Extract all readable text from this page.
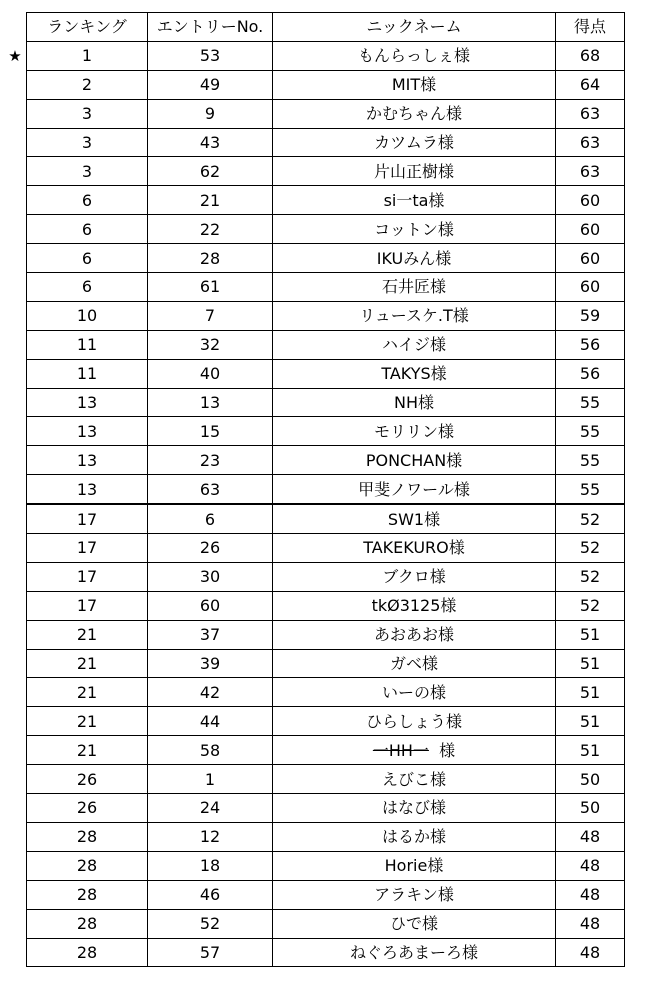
★
ランキング	エントリーNo.	ニックネーム	得点
1	53	もんらっしぇ様	68
2	49	MIT様	64
3	9	かむちゃん様	63
3	43	カツムラ様	63
3	62	片山正樹様	63
6	21	si一ta様	60
6	22	コットン様	60
6	28	IKUみん様	60
6	61	石井匠様	60
10	7	リュースケ.T様	59
11	32	ハイジ様	56
11	40	TAKYS様	56
13	13	NH様	55
13	15	モリリン様	55
13	23	PONCHAN様	55
13	63	甲斐ノワール様	55
17	6	SW1様	52
17	26	TAKEKURO様	52
17	30	ブクロ様	52
17	60	tkØ3125様	52
21	37	あおあお様	51
21	39	ガベ様	51
21	42	いーの様	51
21	44	ひらしょう様	51
21	58	一HH一 様	51
26	1	えびこ様	50
26	24	はなび様	50
28	12	はるか様	48
28	18	Horie様	48
28	46	アラキン様	48
28	52	ひで様	48
28	57	ねぐろあまーろ様	48
